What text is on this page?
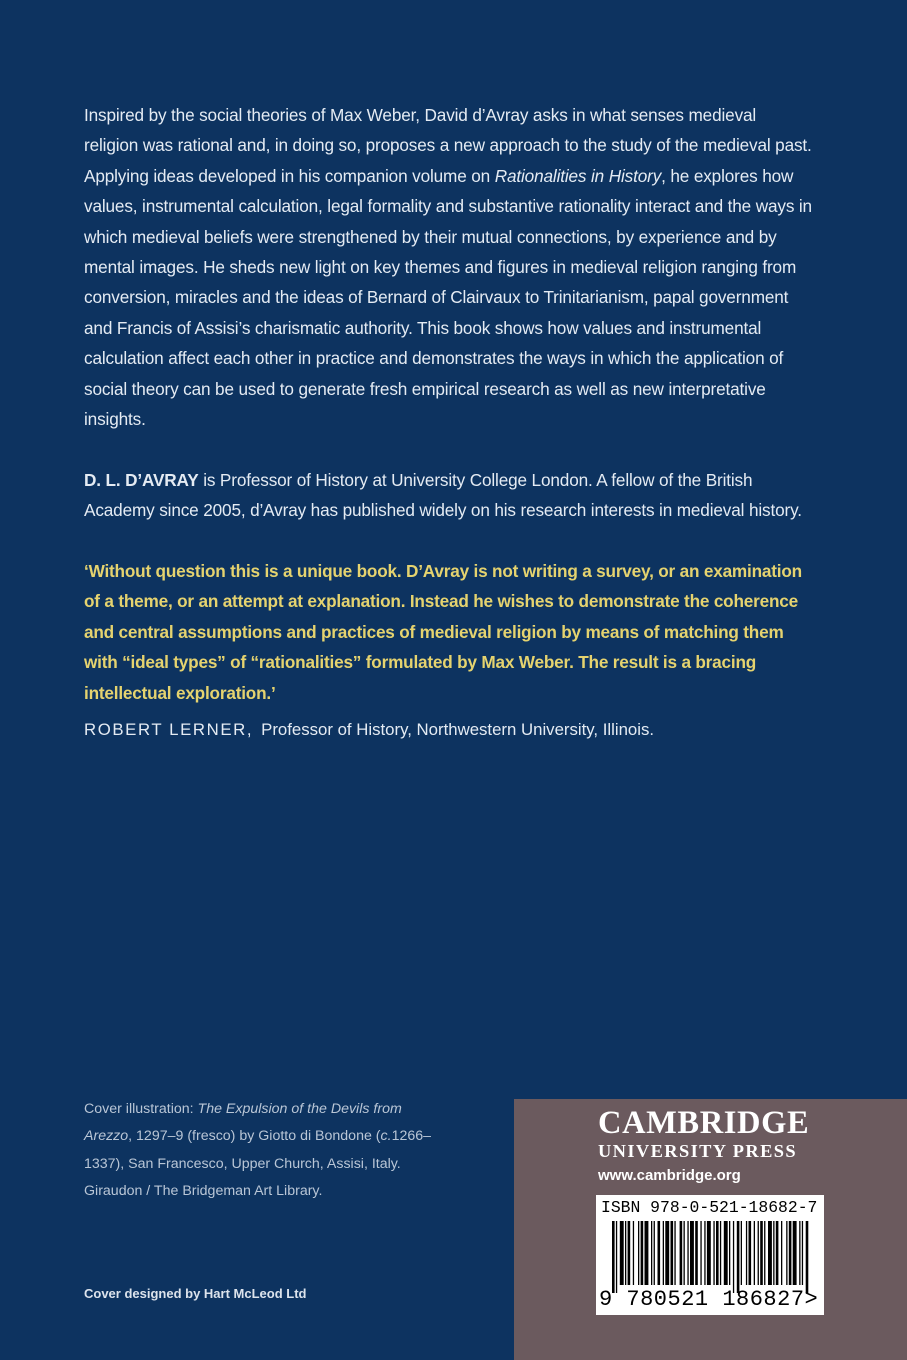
Inspired by the social theories of Max Weber, David d’Avray asks in what senses medieval religion was rational and, in doing so, proposes a new approach to the study of the medieval past. Applying ideas developed in his companion volume on Rationalities in History, he explores how values, instrumental calculation, legal formality and substantive rationality interact and the ways in which medieval beliefs were strengthened by their mutual connections, by experience and by mental images. He sheds new light on key themes and figures in medieval religion ranging from conversion, miracles and the ideas of Bernard of Clairvaux to Trinitarianism, papal government and Francis of Assisi’s charismatic authority. This book shows how values and instrumental calculation affect each other in practice and demonstrates the ways in which the application of social theory can be used to generate fresh empirical research as well as new interpretative insights.
D. L. D’AVRAY is Professor of History at University College London. A fellow of the British Academy since 2005, d’Avray has published widely on his research interests in medieval history.
‘Without question this is a unique book. D’Avray is not writing a survey, or an examination of a theme, or an attempt at explanation. Instead he wishes to demonstrate the coherence and central assumptions and practices of medieval religion by means of matching them with “ideal types” of “rationalities” formulated by Max Weber. The result is a bracing intellectual exploration.’
ROBERT LERNER, Professor of History, Northwestern University, Illinois.
Cover illustration: The Expulsion of the Devils from Arezzo, 1297–9 (fresco) by Giotto di Bondone (c.1266–1337), San Francesco, Upper Church, Assisi, Italy. Giraudon / The Bridgeman Art Library.
Cover designed by Hart McLeod Ltd
CAMBRIDGE
UNIVERSITY PRESS
www.cambridge.org
ISBN 978-0-521-18682-7
9 780521 186827>
